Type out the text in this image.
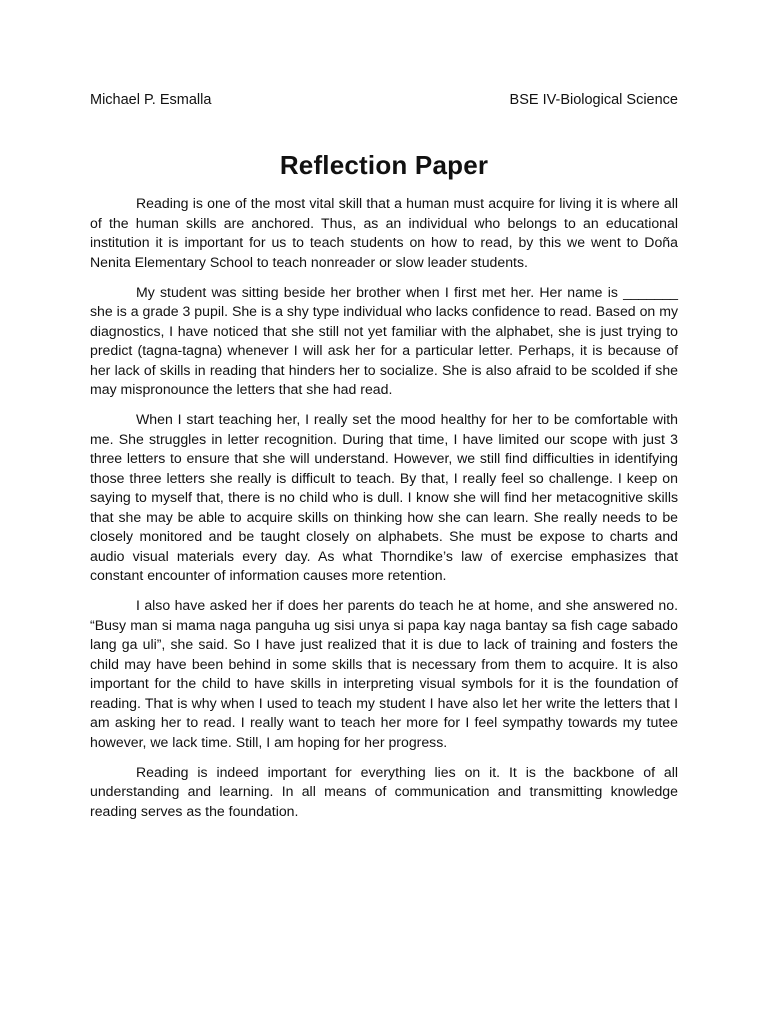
Michael P. Esmalla	BSE IV-Biological Science
Reflection Paper

Reading is one of the most vital skill that a human must acquire for living it is where all of the human skills are anchored. Thus, as an individual who belongs to an educational institution it is important for us to teach students on how to read, by this we went to Doña Nenita Elementary School to teach nonreader or slow leader students.

My student was sitting beside her brother when I first met her. Her name is _______ she is a grade 3 pupil. She is a shy type individual who lacks confidence to read. Based on my diagnostics, I have noticed that she still not yet familiar with the alphabet, she is just trying to predict (tagna-tagna) whenever I will ask her for a particular letter. Perhaps, it is because of her lack of skills in reading that hinders her to socialize. She is also afraid to be scolded if she may mispronounce the letters that she had read.

When I start teaching her, I really set the mood healthy for her to be comfortable with me. She struggles in letter recognition. During that time, I have limited our scope with just 3 three letters to ensure that she will understand. However, we still find difficulties in identifying those three letters she really is difficult to teach. By that, I really feel so challenge. I keep on saying to myself that, there is no child who is dull. I know she will find her metacognitive skills that she may be able to acquire skills on thinking how she can learn. She really needs to be closely monitored and be taught closely on alphabets. She must be expose to charts and audio visual materials every day. As what Thorndike’s law of exercise emphasizes that constant encounter of information causes more retention.

I also have asked her if does her parents do teach he at home, and she answered no. “Busy man si mama naga panguha ug sisi unya si papa kay naga bantay sa fish cage sabado lang ga uli”, she said. So I have just realized that it is due to lack of training and fosters the child may have been behind in some skills that is necessary from them to acquire. It is also important for the child to have skills in interpreting visual symbols for it is the foundation of reading. That is why when I used to teach my student I have also let her write the letters that I am asking her to read. I really want to teach her more for I feel sympathy towards my tutee however, we lack time. Still, I am hoping for her progress.

Reading is indeed important for everything lies on it. It is the backbone of all understanding and learning. In all means of communication and transmitting knowledge reading serves as the foundation.
